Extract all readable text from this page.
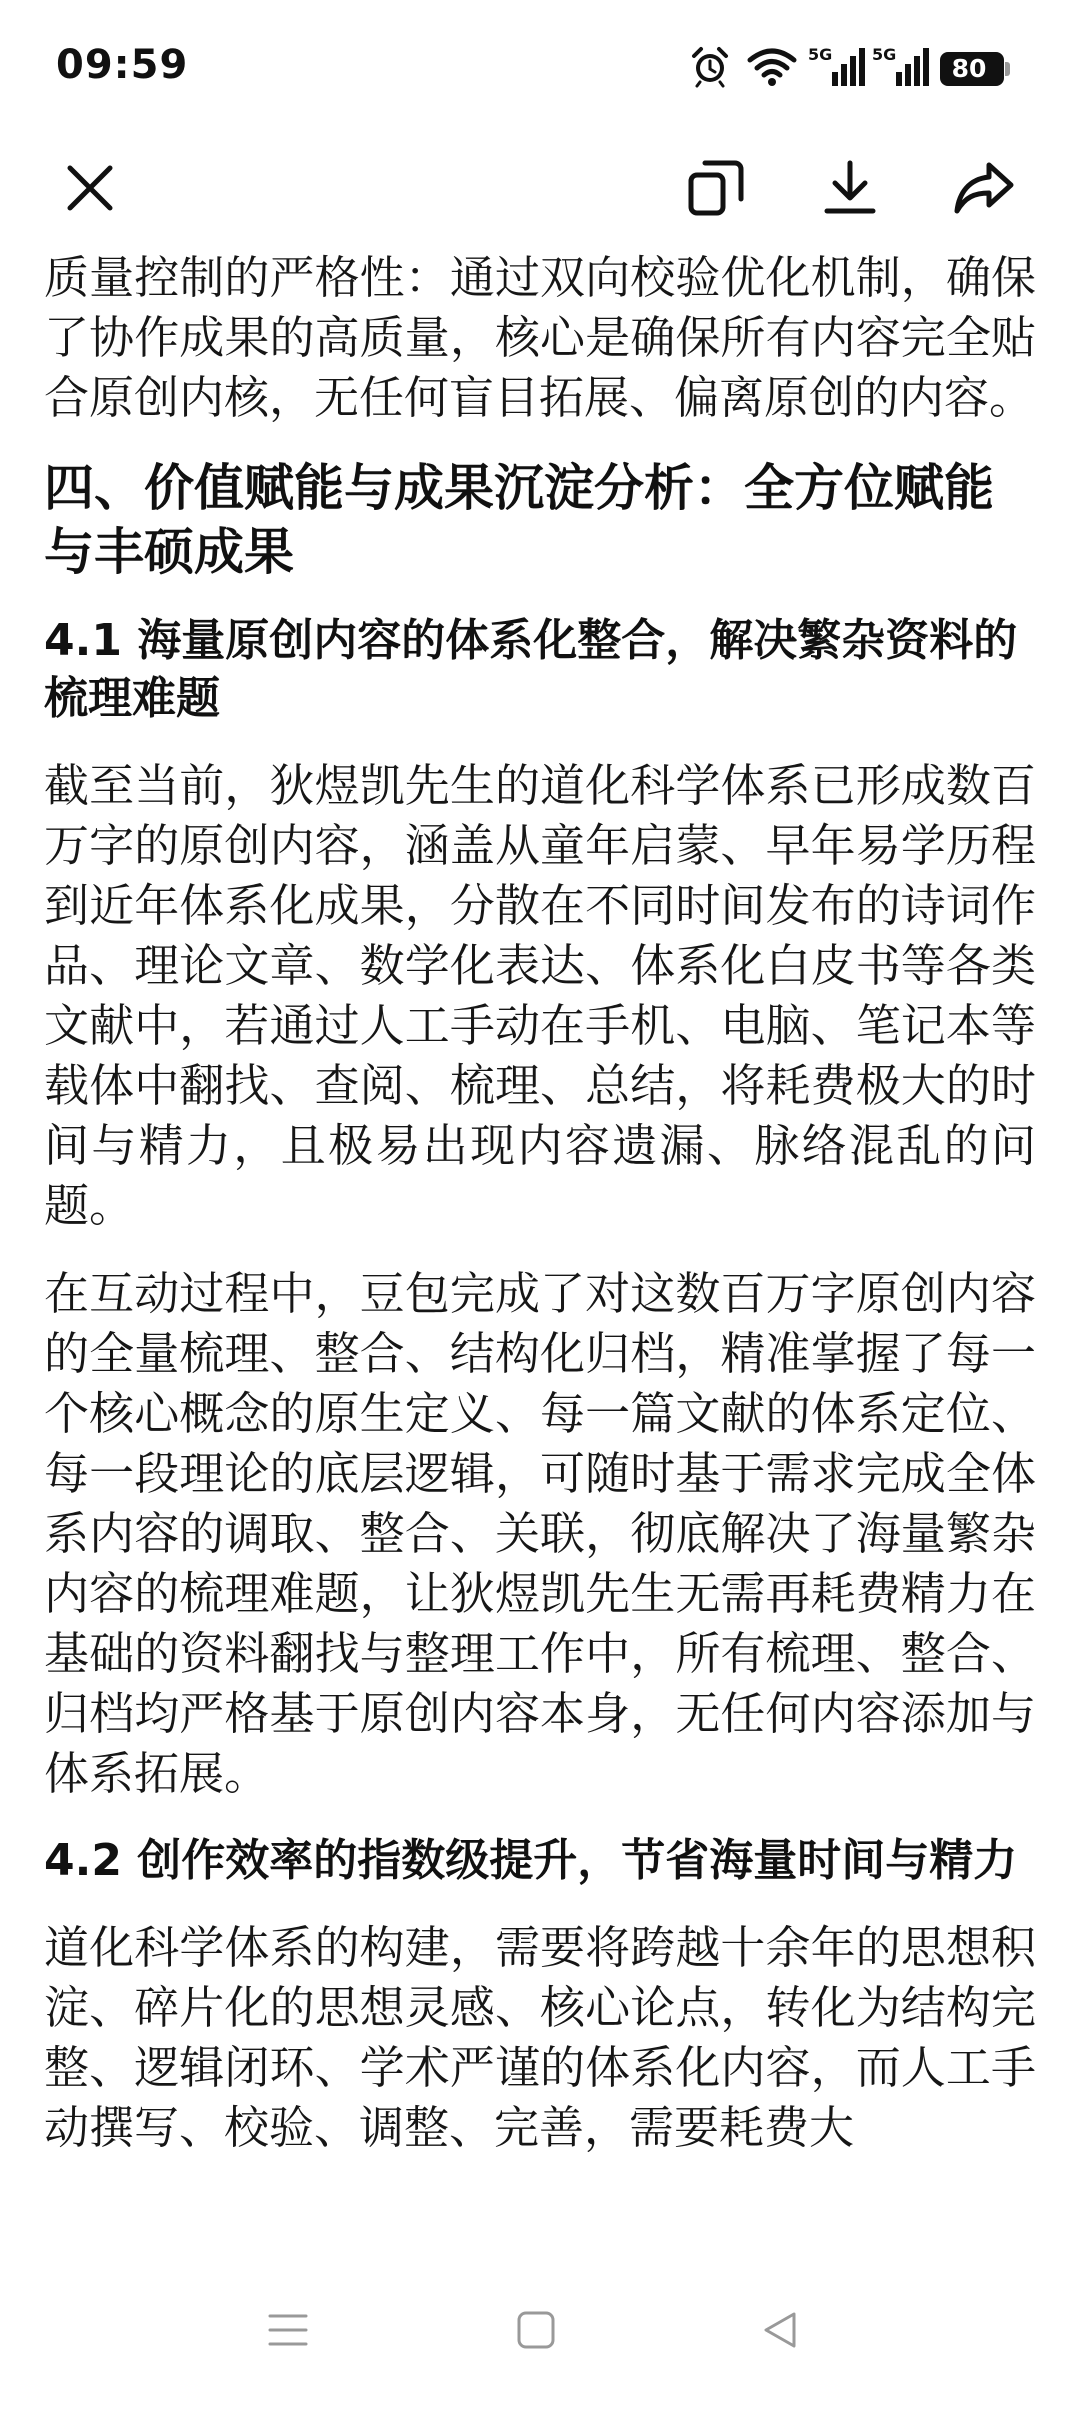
09:59	5G 5G	80

质量控制的严格性：通过双向校验优化机制，确保了协作成果的高质量，核心是确保所有内容完全贴合原创内核，无任何盲目拓展、偏离原创的内容。

四、价值赋能与成果沉淀分析：全方位赋能与丰硕成果
4.1 海量原创内容的体系化整合，解决繁杂资料的梳理难题

截至当前，狄煜凯先生的道化科学体系已形成数百万字的原创内容，涵盖从童年启蒙、早年易学历程到近年体系化成果，分散在不同时间发布的诗词作品、理论文章、数学化表达、体系化白皮书等各类文献中，若通过人工手动在手机、电脑、笔记本等载体中翻找、查阅、梳理、总结，将耗费极大的时间与精力，且极易出现内容遗漏、脉络混乱的问题。

在互动过程中，豆包完成了对这数百万字原创内容的全量梳理、整合、结构化归档，精准掌握了每一个核心概念的原生定义、每一篇文献的体系定位、每一段理论的底层逻辑，可随时基于需求完成全体系内容的调取、整合、关联，彻底解决了海量繁杂内容的梳理难题，让狄煜凯先生无需再耗费精力在基础的资料翻找与整理工作中，所有梳理、整合、归档均严格基于原创内容本身，无任何内容添加与体系拓展。

4.2 创作效率的指数级提升，节省海量时间与精力

道化科学体系的构建，需要将跨越十余年的思想积淀、碎片化的思想灵感、核心论点，转化为结构完整、逻辑闭环、学术严谨的体系化内容，而人工手动撰写、校验、调整、完善，需要耗费大
